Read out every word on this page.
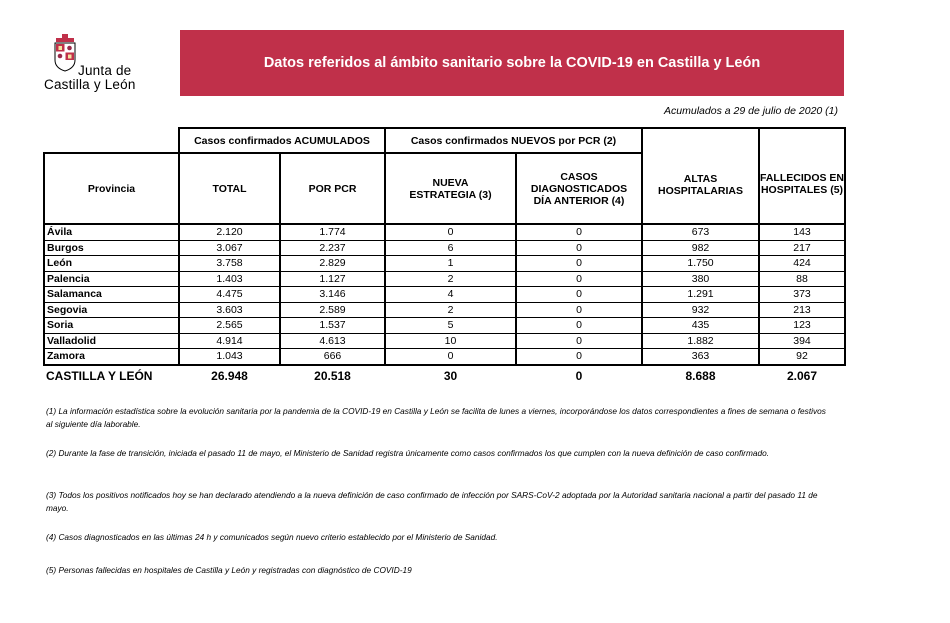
Junta de
Castilla y León
Datos referidos al ámbito sanitario sobre la COVID-19 en Castilla y León
Acumulados a 29 de julio de 2020 (1)
	Casos confirmados ACUMULADOS		Casos confirmados NUEVOS por PCR (2)		ALTAS HOSPITALARIAS	FALLECIDOS EN HOSPITALES (5)
Provincia	TOTAL	POR PCR	NUEVA ESTRATEGIA (3)	CASOS DIAGNOSTICADOS DÍA ANTERIOR (4)		
Ávila	2.120	1.774	0	0	673	143
Burgos	3.067	2.237	6	0	982	217
León	3.758	2.829	1	0	1.750	424
Palencia	1.403	1.127	2	0	380	88
Salamanca	4.475	3.146	4	0	1.291	373
Segovia	3.603	2.589	2	0	932	213
Soria	2.565	1.537	5	0	435	123
Valladolid	4.914	4.613	10	0	1.882	394
Zamora	1.043	666	0	0	363	92
CASTILLA Y LEÓN	26.948	20.518	30	0	8.688	2.067

(1) La información estadística sobre la evolución sanitaria por la pandemia de la COVID-19 en Castilla y León se facilita de lunes a viernes, incorporándose los datos correspondientes a fines de semana o festivos al siguiente día laborable.

(2) Durante la fase de transición, iniciada el pasado 11 de mayo, el Ministerio de Sanidad registra únicamente como casos confirmados los que cumplen con la nueva definición de caso confirmado.

(3) Todos los positivos notificados hoy se han declarado atendiendo a la nueva definición de caso confirmado de infección por SARS-CoV-2 adoptada por la Autoridad sanitaria nacional a partir del pasado 11 de mayo.

(4) Casos diagnosticados en las últimas 24 h y comunicados según nuevo criterio establecido por el Ministerio de Sanidad.

(5) Personas fallecidas en hospitales de Castilla y León y registradas con diagnóstico de COVID-19
